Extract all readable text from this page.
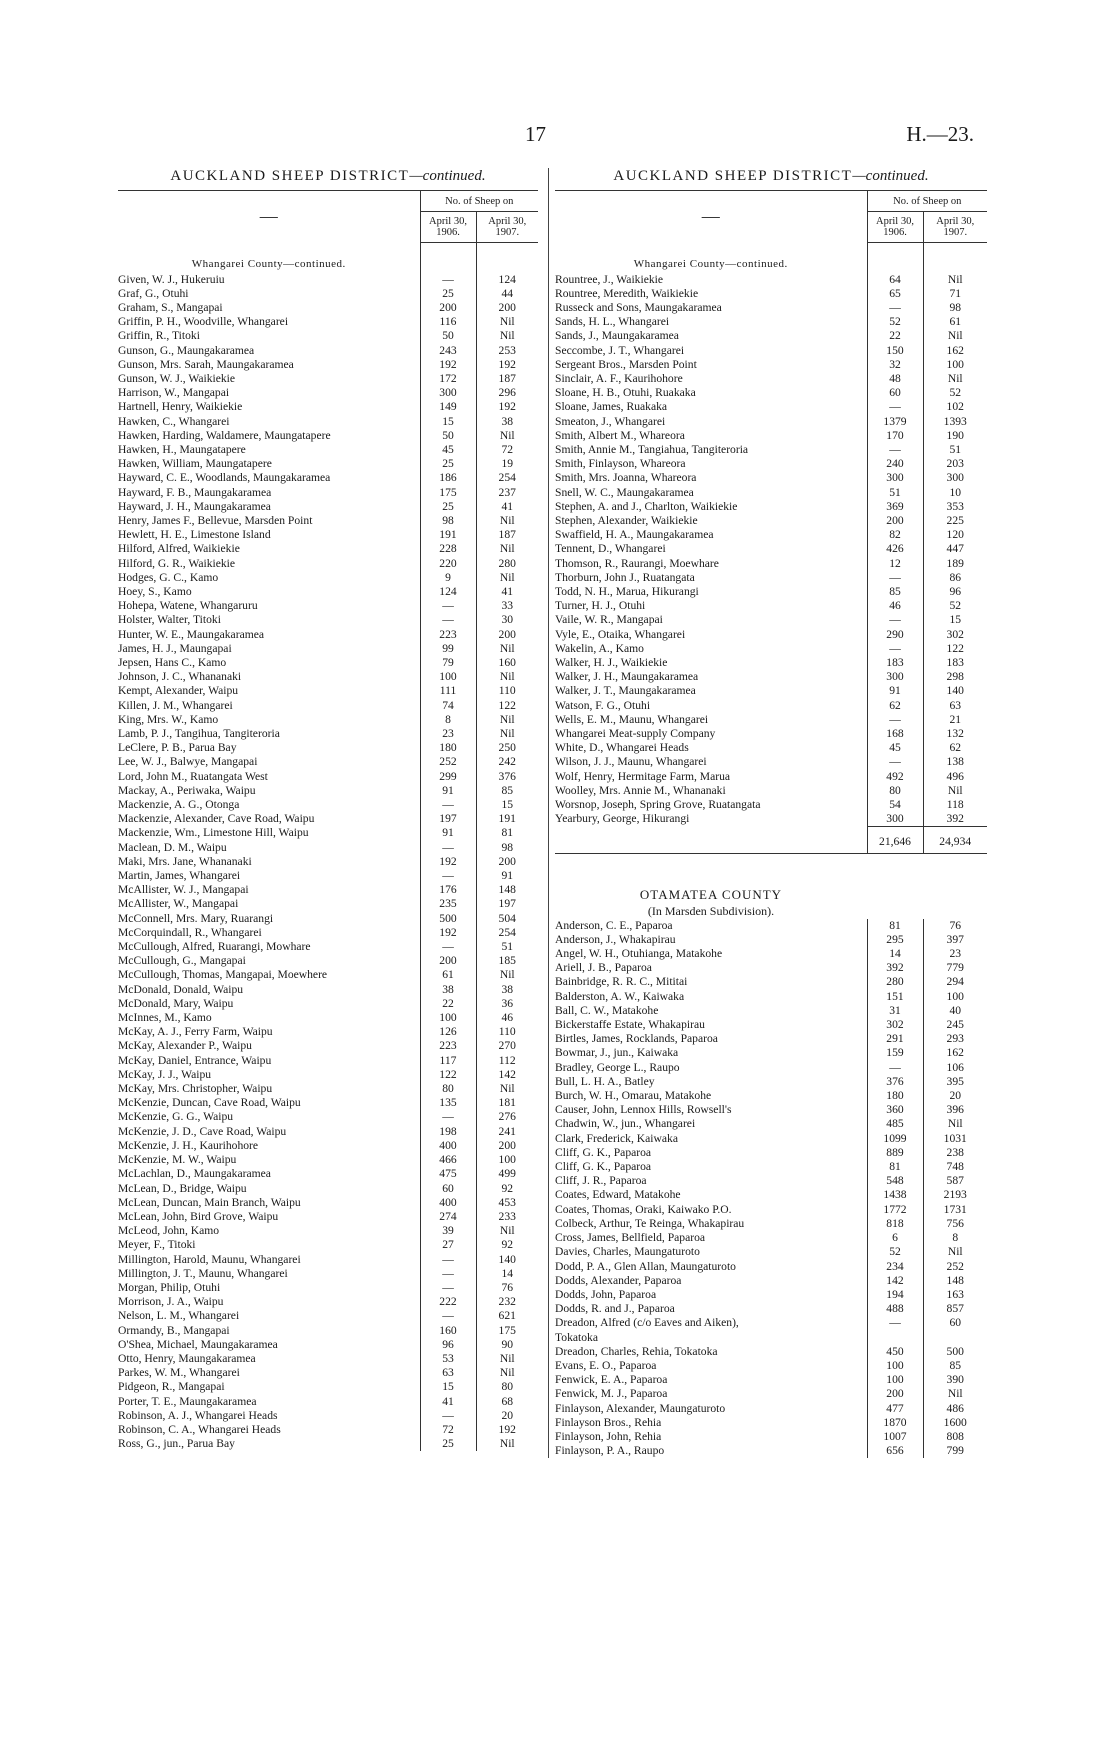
17	H.—23.
AUCKLAND SHEEP DISTRICT—continued.
—	No. of Sheep on	
	April 30, 1906.	April 30, 1907.
Whangarei County—continued.		
Given, W. J., Hukeruiu	—	124
Graf, G., Otuhi	25	44
Graham, S., Mangapai	200	200
Griffin, P. H., Woodville, Whangarei	116	Nil
Griffin, R., Titoki	50	Nil
Gunson, G., Maungakaramea	243	253
Gunson, Mrs. Sarah, Maungakaramea	192	192
Gunson, W. J., Waikiekie	172	187
Harrison, W., Mangapai	300	296
Hartnell, Henry, Waikiekie	149	192
Hawken, C., Whangarei	15	38
Hawken, Harding, Waldamere, Maungatapere	50	Nil
Hawken, H., Maungatapere	45	72
Hawken, William, Maungatapere	25	19
Hayward, C. E., Woodlands, Maungakaramea	186	254
Hayward, F. B., Maungakaramea	175	237
Hayward, J. H., Maungakaramea	25	41
Henry, James F., Bellevue, Marsden Point	98	Nil
Hewlett, H. E., Limestone Island	191	187
Hilford, Alfred, Waikiekie	228	Nil
Hilford, G. R., Waikiekie	220	280
Hodges, G. C., Kamo	9	Nil
Hoey, S., Kamo	124	41
Hohepa, Watene, Whangaruru	—	33
Holster, Walter, Titoki	—	30
Hunter, W. E., Maungakaramea	223	200
James, H. J., Maungapai	99	Nil
Jepsen, Hans C., Kamo	79	160
Johnson, J. C., Whananaki	100	Nil
Kempt, Alexander, Waipu	111	110
Killen, J. M., Whangarei	74	122
King, Mrs. W., Kamo	8	Nil
Lamb, P. J., Tangihua, Tangiteroria	23	Nil
LeClere, P. B., Parua Bay	180	250
Lee, W. J., Balwye, Mangapai	252	242
Lord, John M., Ruatangata West	299	376
Mackay, A., Periwaka, Waipu	91	85
Mackenzie, A. G., Otonga	—	15
Mackenzie, Alexander, Cave Road, Waipu	197	191
Mackenzie, Wm., Limestone Hill, Waipu	91	81
Maclean, D. M., Waipu	—	98
Maki, Mrs. Jane, Whananaki	192	200
Martin, James, Whangarei	—	91
McAllister, W. J., Mangapai	176	148
McAllister, W., Mangapai	235	197
McConnell, Mrs. Mary, Ruarangi	500	504
McCorquindall, R., Whangarei	192	254
McCullough, Alfred, Ruarangi, Mowhare	—	51
McCullough, G., Mangapai	200	185
McCullough, Thomas, Mangapai, Moewhere	61	Nil
McDonald, Donald, Waipu	38	38
McDonald, Mary, Waipu	22	36
McInnes, M., Kamo	100	46
McKay, A. J., Ferry Farm, Waipu	126	110
McKay, Alexander P., Waipu	223	270
McKay, Daniel, Entrance, Waipu	117	112
McKay, J. J., Waipu	122	142
McKay, Mrs. Christopher, Waipu	80	Nil
McKenzie, Duncan, Cave Road, Waipu	135	181
McKenzie, G. G., Waipu	—	276
McKenzie, J. D., Cave Road, Waipu	198	241
McKenzie, J. H., Kaurihohore	400	200
McKenzie, M. W., Waipu	466	100
McLachlan, D., Maungakaramea	475	499
McLean, D., Bridge, Waipu	60	92
McLean, Duncan, Main Branch, Waipu	400	453
McLean, John, Bird Grove, Waipu	274	233
McLeod, John, Kamo	39	Nil
Meyer, F., Titoki	27	92
Millington, Harold, Maunu, Whangarei	—	140
Millington, J. T., Maunu, Whangarei	—	14
Morgan, Philip, Otuhi	—	76
Morrison, J. A., Waipu	222	232
Nelson, L. M., Whangarei	—	621
Ormandy, B., Mangapai	160	175
O'Shea, Michael, Maungakaramea	96	90
Otto, Henry, Maungakaramea	53	Nil
Parkes, W. M., Whangarei	63	Nil
Pidgeon, R., Mangapai	15	80
Porter, T. E., Maungakaramea	41	68
Robinson, A. J., Whangarei Heads	—	20
Robinson, C. A., Whangarei Heads	72	192
Ross, G., jun., Parua Bay	25	Nil
AUCKLAND SHEEP DISTRICT—continued.
—	No. of Sheep on	
	April 30, 1906.	April 30, 1907.
Whangarei County—continued.		
Rountree, J., Waikiekie	64	Nil
Rountree, Meredith, Waikiekie	65	71
Russeck and Sons, Maungakaramea	—	98
Sands, H. L., Whangarei	52	61
Sands, J., Maungakaramea	22	Nil
Seccombe, J. T., Whangarei	150	162
Sergeant Bros., Marsden Point	32	100
Sinclair, A. F., Kaurihohore	48	Nil
Sloane, H. B., Otuhi, Ruakaka	60	52
Sloane, James, Ruakaka	—	102
Smeaton, J., Whangarei	1379	1393
Smith, Albert M., Whareora	170	190
Smith, Annie M., Tangiahua, Tangiteroria	—	51
Smith, Finlayson, Whareora	240	203
Smith, Mrs. Joanna, Whareora	300	300
Snell, W. C., Maungakaramea	51	10
Stephen, A. and J., Charlton, Waikiekie	369	353
Stephen, Alexander, Waikiekie	200	225
Swaffield, H. A., Maungakaramea	82	120
Tennent, D., Whangarei	426	447
Thomson, R., Raurangi, Moewhare	12	189
Thorburn, John J., Ruatangata	—	86
Todd, N. H., Marua, Hikurangi	85	96
Turner, H. J., Otuhi	46	52
Vaile, W. R., Mangapai	—	15
Vyle, E., Otaika, Whangarei	290	302
Wakelin, A., Kamo	—	122
Walker, H. J., Waikiekie	183	183
Walker, J. H., Maungakaramea	300	298
Walker, J. T., Maungakaramea	91	140
Watson, F. G., Otuhi	62	63
Wells, E. M., Maunu, Whangarei	—	21
Whangarei Meat-supply Company	168	132
White, D., Whangarei Heads	45	62
Wilson, J. J., Maunu, Whangarei	—	138
Wolf, Henry, Hermitage Farm, Marua	492	496
Woolley, Mrs. Annie M., Whananaki	80	Nil
Worsnop, Joseph, Spring Grove, Ruatangata	54	118
Yearbury, George, Hikurangi	300	392
	21,646	24,934
OTAMATEA COUNTY		
(In Marsden Subdivision).		
Anderson, C. E., Paparoa	81	76
Anderson, J., Whakapirau	295	397
Angel, W. H., Otuhianga, Matakohe	14	23
Ariell, J. B., Paparoa	392	779
Bainbridge, R. R. C., Mititai	280	294
Balderston, A. W., Kaiwaka	151	100
Ball, C. W., Matakohe	31	40
Bickerstaffe Estate, Whakapirau	302	245
Birtles, James, Rocklands, Paparoa	291	293
Bowmar, J., jun., Kaiwaka	159	162
Bradley, George L., Raupo	—	106
Bull, L. H. A., Batley	376	395
Burch, W. H., Omarau, Matakohe	180	20
Causer, John, Lennox Hills, Rowsell's	360	396
Chadwin, W., jun., Whangarei	485	Nil
Clark, Frederick, Kaiwaka	1099	1031
Cliff, G. K., Paparoa	889	238
Cliff, G. K., Paparoa	81	748
Cliff, J. R., Paparoa	548	587
Coates, Edward, Matakohe	1438	2193
Coates, Thomas, Oraki, Kaiwako P.O.	1772	1731
Colbeck, Arthur, Te Reinga, Whakapirau	818	756
Cross, James, Bellfield, Paparoa	6	8
Davies, Charles, Maungaturoto	52	Nil
Dodd, P. A., Glen Allan, Maungaturoto	234	252
Dodds, Alexander, Paparoa	142	148
Dodds, John, Paparoa	194	163
Dodds, R. and J., Paparoa	488	857
Dreadon, Alfred (c/o Eaves and Aiken),	—	60
Tokatoka		
Dreadon, Charles, Rehia, Tokatoka	450	500
Evans, E. O., Paparoa	100	85
Fenwick, E. A., Paparoa	100	390
Fenwick, M. J., Paparoa	200	Nil
Finlayson, Alexander, Maungaturoto	477	486
Finlayson Bros., Rehia	1870	1600
Finlayson, John, Rehia	1007	808
Finlayson, P. A., Raupo	656	799
